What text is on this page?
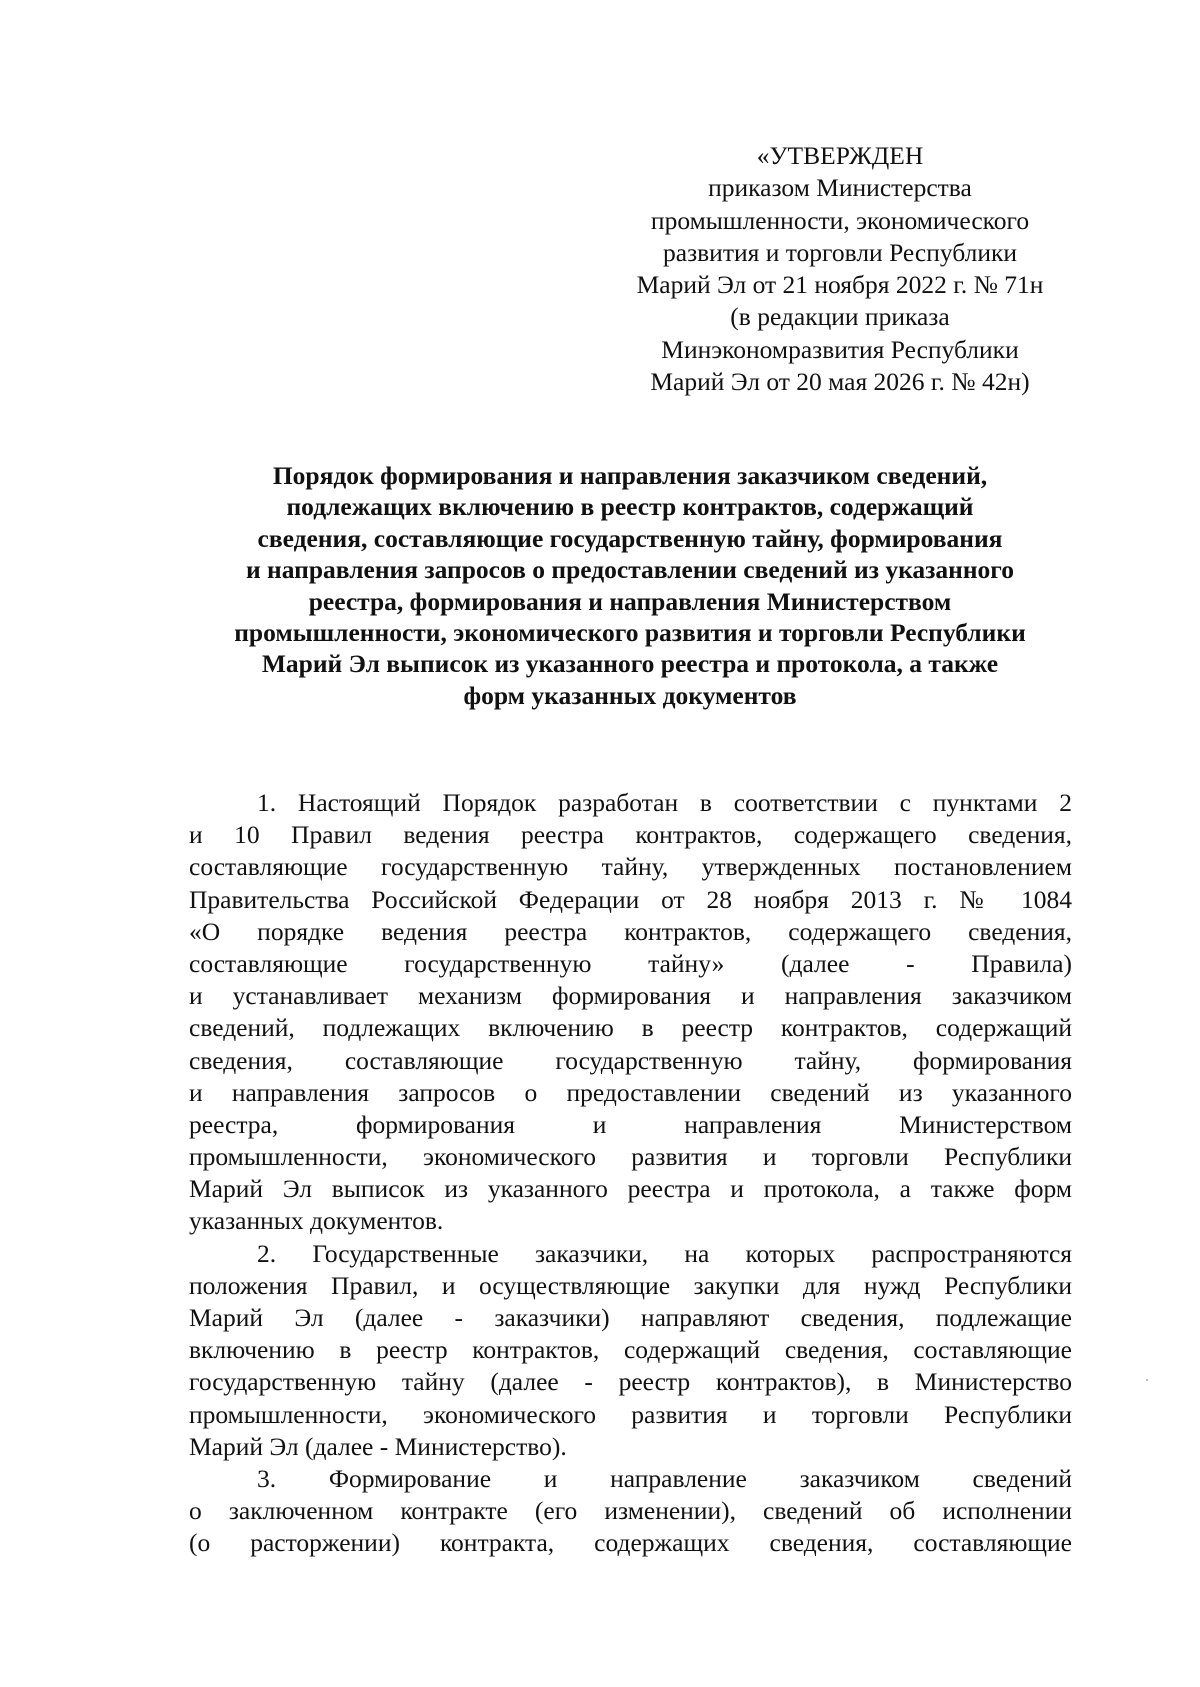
«УТВЕРЖДЕН
приказом Министерства
промышленности, экономического
развития и торговли Республики
Марий Эл от 21 ноября 2022 г. № 71н
(в редакции приказа
Минэкономразвития Республики
Марий Эл от 20 мая 2026 г. № 42н)
Порядок формирования и направления заказчиком сведений,
подлежащих включению в реестр контрактов, содержащий
сведения, составляющие государственную тайну, формирования
и направления запросов о предоставлении сведений из указанного
реестра, формирования и направления Министерством
промышленности, экономического развития и торговли Республики
Марий Эл выписок из указанного реестра и протокола, а также
форм указанных документов
1. Настоящий Порядок разработан в соответствии с пунктами 2
и 10 Правил ведения реестра контрактов, содержащего сведения,
составляющие государственную тайну, утвержденных постановлением
Правительства Российской Федерации от 28 ноября 2013 г. № 1084
«О порядке ведения реестра контрактов, содержащего сведения,
составляющие государственную тайну» (далее - Правила)
и устанавливает механизм формирования и направления заказчиком
сведений, подлежащих включению в реестр контрактов, содержащий
сведения, составляющие государственную тайну, формирования
и направления запросов о предоставлении сведений из указанного
реестра, формирования и направления Министерством
промышленности, экономического развития и торговли Республики
Марий Эл выписок из указанного реестра и протокола, а также форм
указанных документов.
2. Государственные заказчики, на которых распространяются
положения Правил, и осуществляющие закупки для нужд Республики
Марий Эл (далее - заказчики) направляют сведения, подлежащие
включению в реестр контрактов, содержащий сведения, составляющие
государственную тайну (далее - реестр контрактов), в Министерство
промышленности, экономического развития и торговли Республики
Марий Эл (далее - Министерство).
3. Формирование и направление заказчиком сведений
о заключенном контракте (его изменении), сведений об исполнении
(о расторжении) контракта, содержащих сведения, составляющие
